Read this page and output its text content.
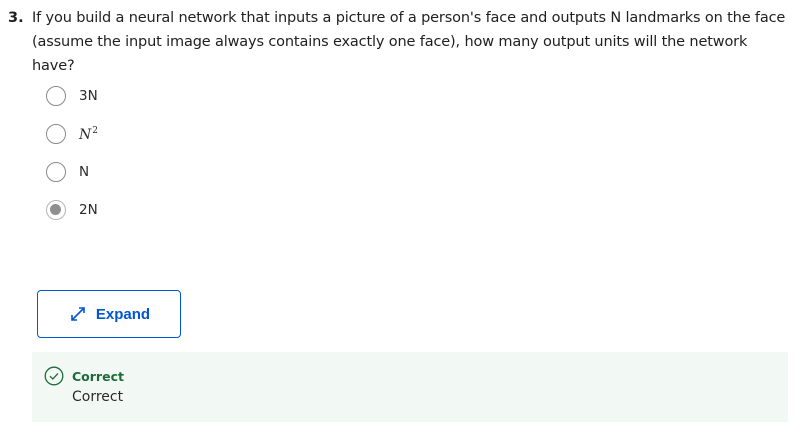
3. If you build a neural network that inputs a picture of a person's face and outputs N landmarks on the face (assume the input image always contains exactly one face), how many output units will the network have?
3N
$N^2$
N
2N
Expand
Correct
Correct
